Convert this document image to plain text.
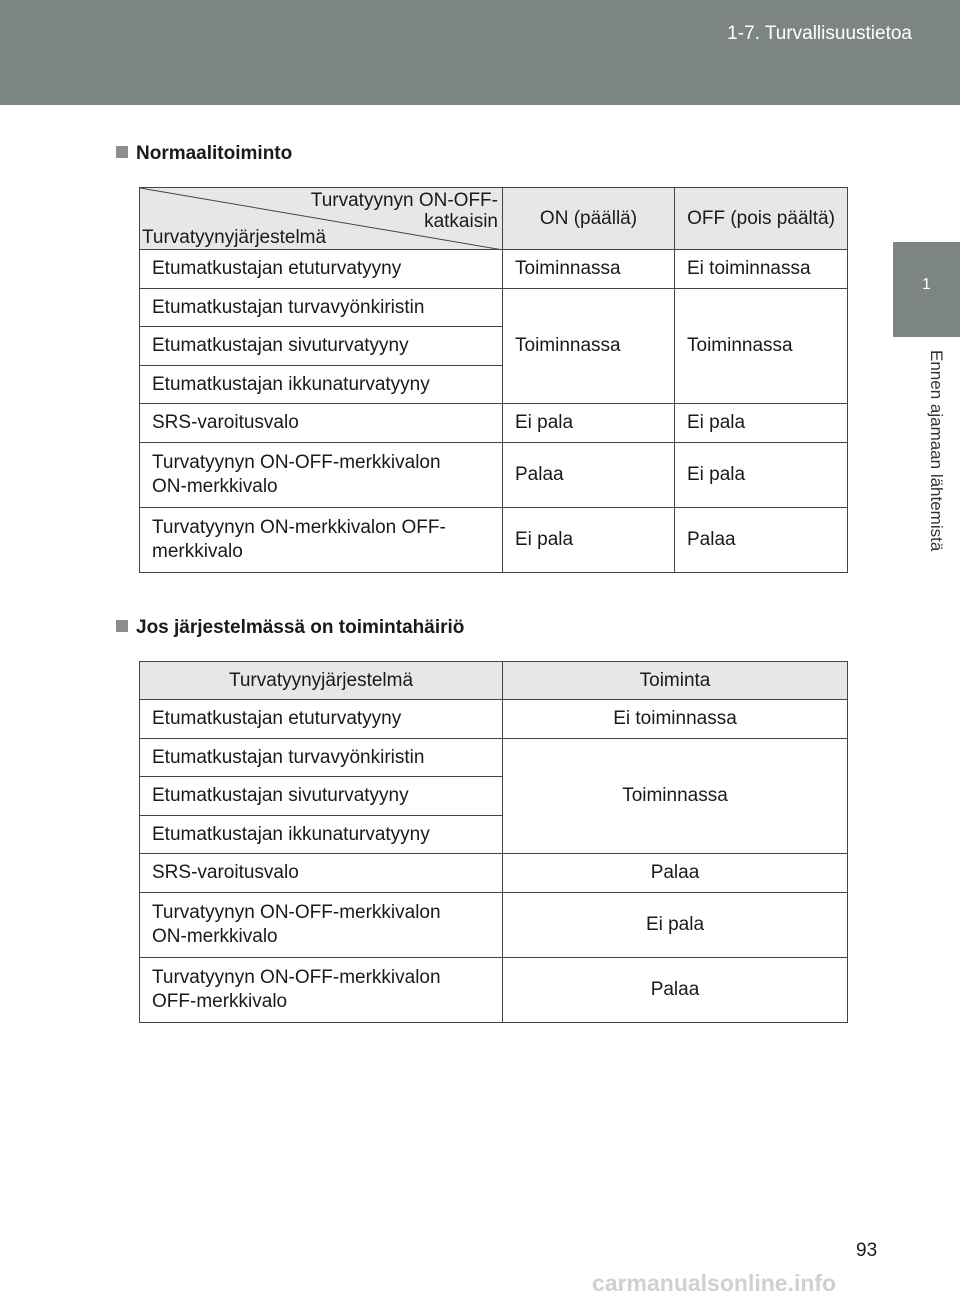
1-7. Turvallisuustietoa
1
Ennen ajamaan lähtemistä
Normaalitoiminto
Turvatyynyn ON-OFF-
katkaisin
Turvatyynyjärjestelmä	ON (päällä)	OFF (pois päältä)
Etumatkustajan etuturvatyyny	Toiminnassa	Ei toiminnassa
Etumatkustajan turvavyönkiristin	Toiminnassa	Toiminnassa
Etumatkustajan sivuturvatyyny		
Etumatkustajan ikkunaturvatyyny		
SRS-varoitusvalo	Ei pala	Ei pala
Turvatyynyn ON-OFF-merkkivalon
ON-merkkivalo	Palaa	Ei pala
Turvatyynyn ON-merkkivalon OFF-
merkkivalo	Ei pala	Palaa
Jos järjestelmässä on toimintahäiriö
Turvatyynyjärjestelmä	Toiminta
Etumatkustajan etuturvatyyny	Ei toiminnassa
Etumatkustajan turvavyönkiristin	Toiminnassa
Etumatkustajan sivuturvatyyny	
Etumatkustajan ikkunaturvatyyny	
SRS-varoitusvalo	Palaa
Turvatyynyn ON-OFF-merkkivalon
ON-merkkivalo	Ei pala
Turvatyynyn ON-OFF-merkkivalon
OFF-merkkivalo	Palaa
93
carmanualsonline.info
